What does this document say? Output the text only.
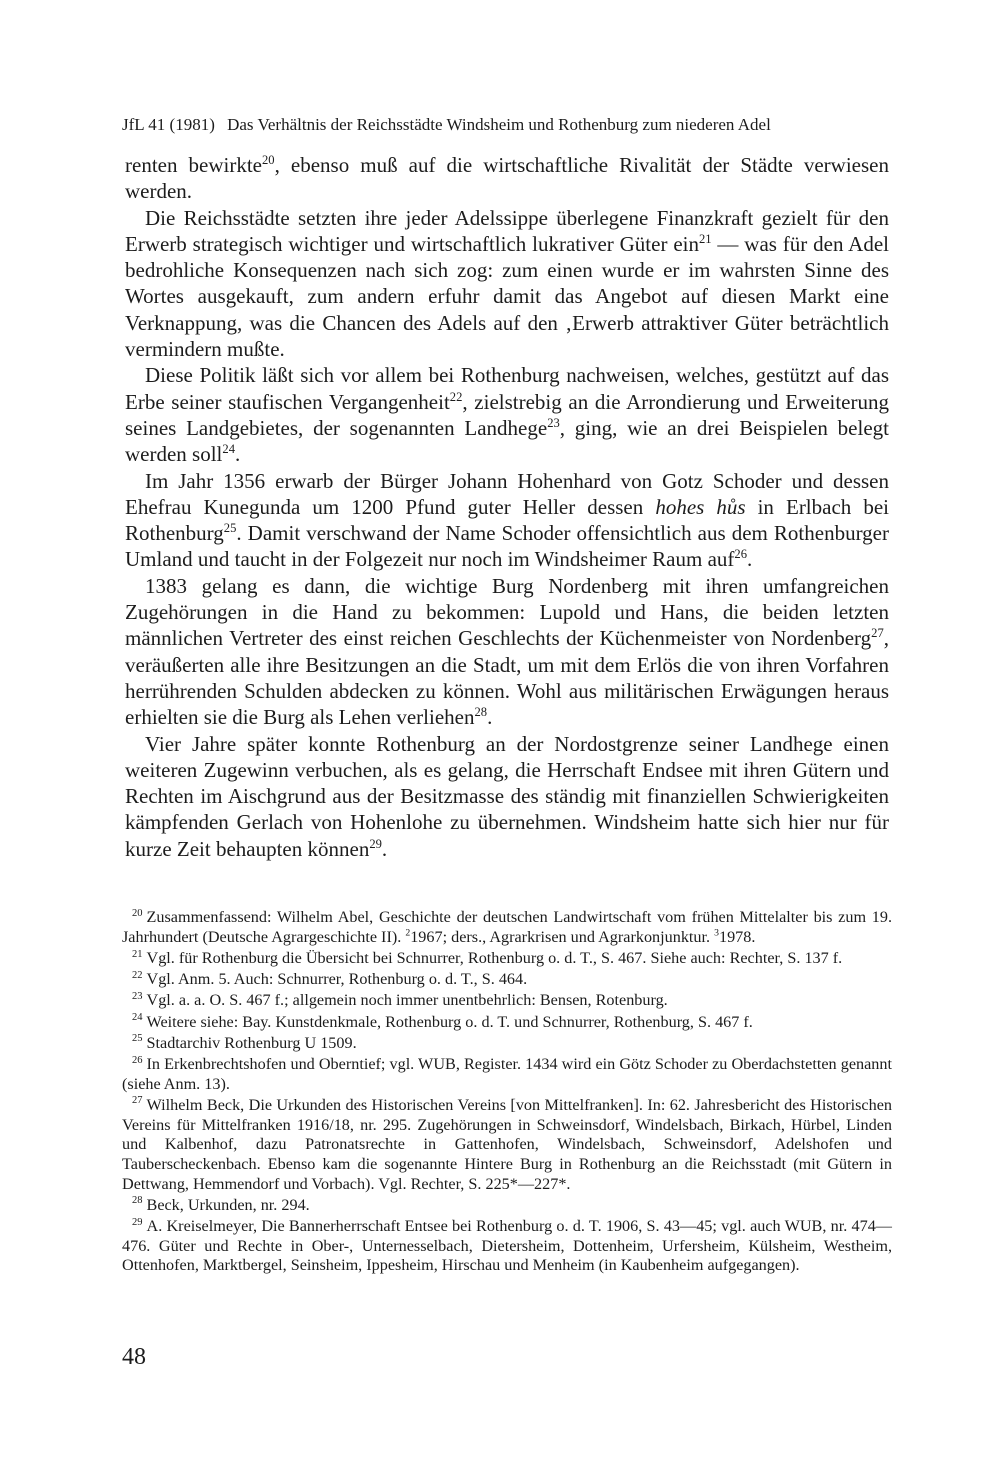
JfL 41 (1981) Das Verhältnis der Reichsstädte Windsheim und Rothenburg zum niederen Adel

renten bewirkte$^{20}$, ebenso muß auf die wirtschaftliche Rivalität der Städte verwiesen werden.

Die Reichsstädte setzten ihre jeder Adelssippe überlegene Finanzkraft gezielt für den Erwerb strategisch wichtiger und wirtschaftlich lukrativer Güter ein$^{21}$ — was für den Adel bedrohliche Konsequenzen nach sich zog: zum einen wurde er im wahrsten Sinne des Wortes ausgekauft, zum andern erfuhr damit das Angebot auf diesen Markt eine Verknappung, was die Chancen des Adels auf den ‚Erwerb attraktiver Güter beträchtlich vermindern mußte.

Diese Politik läßt sich vor allem bei Rothenburg nachweisen, welches, gestützt auf das Erbe seiner staufischen Vergangenheit$^{22}$, zielstrebig an die Arrondierung und Erweiterung seines Landgebietes, der sogenannten Landhege$^{23}$, ging, wie an drei Beispielen belegt werden soll$^{24}$.

Im Jahr 1356 erwarb der Bürger Johann Hohenhard von Gotz Schoder und dessen Ehefrau Kunegunda um 1200 Pfund guter Heller dessen hohes hůs in Erlbach bei Rothenburg$^{25}$. Damit verschwand der Name Schoder offensichtlich aus dem Rothenburger Umland und taucht in der Folgezeit nur noch im Windsheimer Raum auf$^{26}$.

1383 gelang es dann, die wichtige Burg Nordenberg mit ihren umfangreichen Zugehörungen in die Hand zu bekommen: Lupold und Hans, die beiden letzten männlichen Vertreter des einst reichen Geschlechts der Küchenmeister von Nordenberg$^{27}$, veräußerten alle ihre Besitzungen an die Stadt, um mit dem Erlös die von ihren Vorfahren herrührenden Schulden abdecken zu können. Wohl aus militärischen Erwägungen heraus erhielten sie die Burg als Lehen verliehen$^{28}$.

Vier Jahre später konnte Rothenburg an der Nordostgrenze seiner Landhege einen weiteren Zugewinn verbuchen, als es gelang, die Herrschaft Endsee mit ihren Gütern und Rechten im Aischgrund aus der Besitzmasse des ständig mit finanziellen Schwierigkeiten kämpfenden Gerlach von Hohenlohe zu übernehmen. Windsheim hatte sich hier nur für kurze Zeit behaupten können$^{29}$.

$^{20}$ Zusammenfassend: Wilhelm Abel, Geschichte der deutschen Landwirtschaft vom frühen Mittelalter bis zum 19. Jahrhundert (Deutsche Agrargeschichte II). $^2$1967; ders., Agrarkrisen und Agrarkonjunktur. $^3$1978.

$^{21}$ Vgl. für Rothenburg die Übersicht bei Schnurrer, Rothenburg o. d. T., S. 467. Siehe auch: Rechter, S. 137 f.

$^{22}$ Vgl. Anm. 5. Auch: Schnurrer, Rothenburg o. d. T., S. 464.

$^{23}$ Vgl. a. a. O. S. 467 f.; allgemein noch immer unentbehrlich: Bensen, Rotenburg.

$^{24}$ Weitere siehe: Bay. Kunstdenkmale, Rothenburg o. d. T. und Schnurrer, Rothenburg, S. 467 f.

$^{25}$ Stadtarchiv Rothenburg U 1509.

$^{26}$ In Erkenbrechtshofen und Oberntief; vgl. WUB, Register. 1434 wird ein Götz Schoder zu Oberdachstetten genannt (siehe Anm. 13).

$^{27}$ Wilhelm Beck, Die Urkunden des Historischen Vereins [von Mittelfranken]. In: 62. Jahresbericht des Historischen Vereins für Mittelfranken 1916/18, nr. 295. Zugehörungen in Schweinsdorf, Windelsbach, Birkach, Hürbel, Linden und Kalbenhof, dazu Patronatsrechte in Gattenhofen, Windelsbach, Schweinsdorf, Adelshofen und Tauberscheckenbach. Ebenso kam die sogenannte Hintere Burg in Rothenburg an die Reichsstadt (mit Gütern in Dettwang, Hemmendorf und Vorbach). Vgl. Rechter, S. 225*—227*.

$^{28}$ Beck, Urkunden, nr. 294.

$^{29}$ A. Kreiselmeyer, Die Bannerherrschaft Entsee bei Rothenburg o. d. T. 1906, S. 43—45; vgl. auch WUB, nr. 474—476. Güter und Rechte in Ober-, Unternesselbach, Dietersheim, Dottenheim, Urfersheim, Külsheim, Westheim, Ottenhofen, Marktbergel, Seinsheim, Ippesheim, Hirschau und Menheim (in Kaubenheim aufgegangen).

48
